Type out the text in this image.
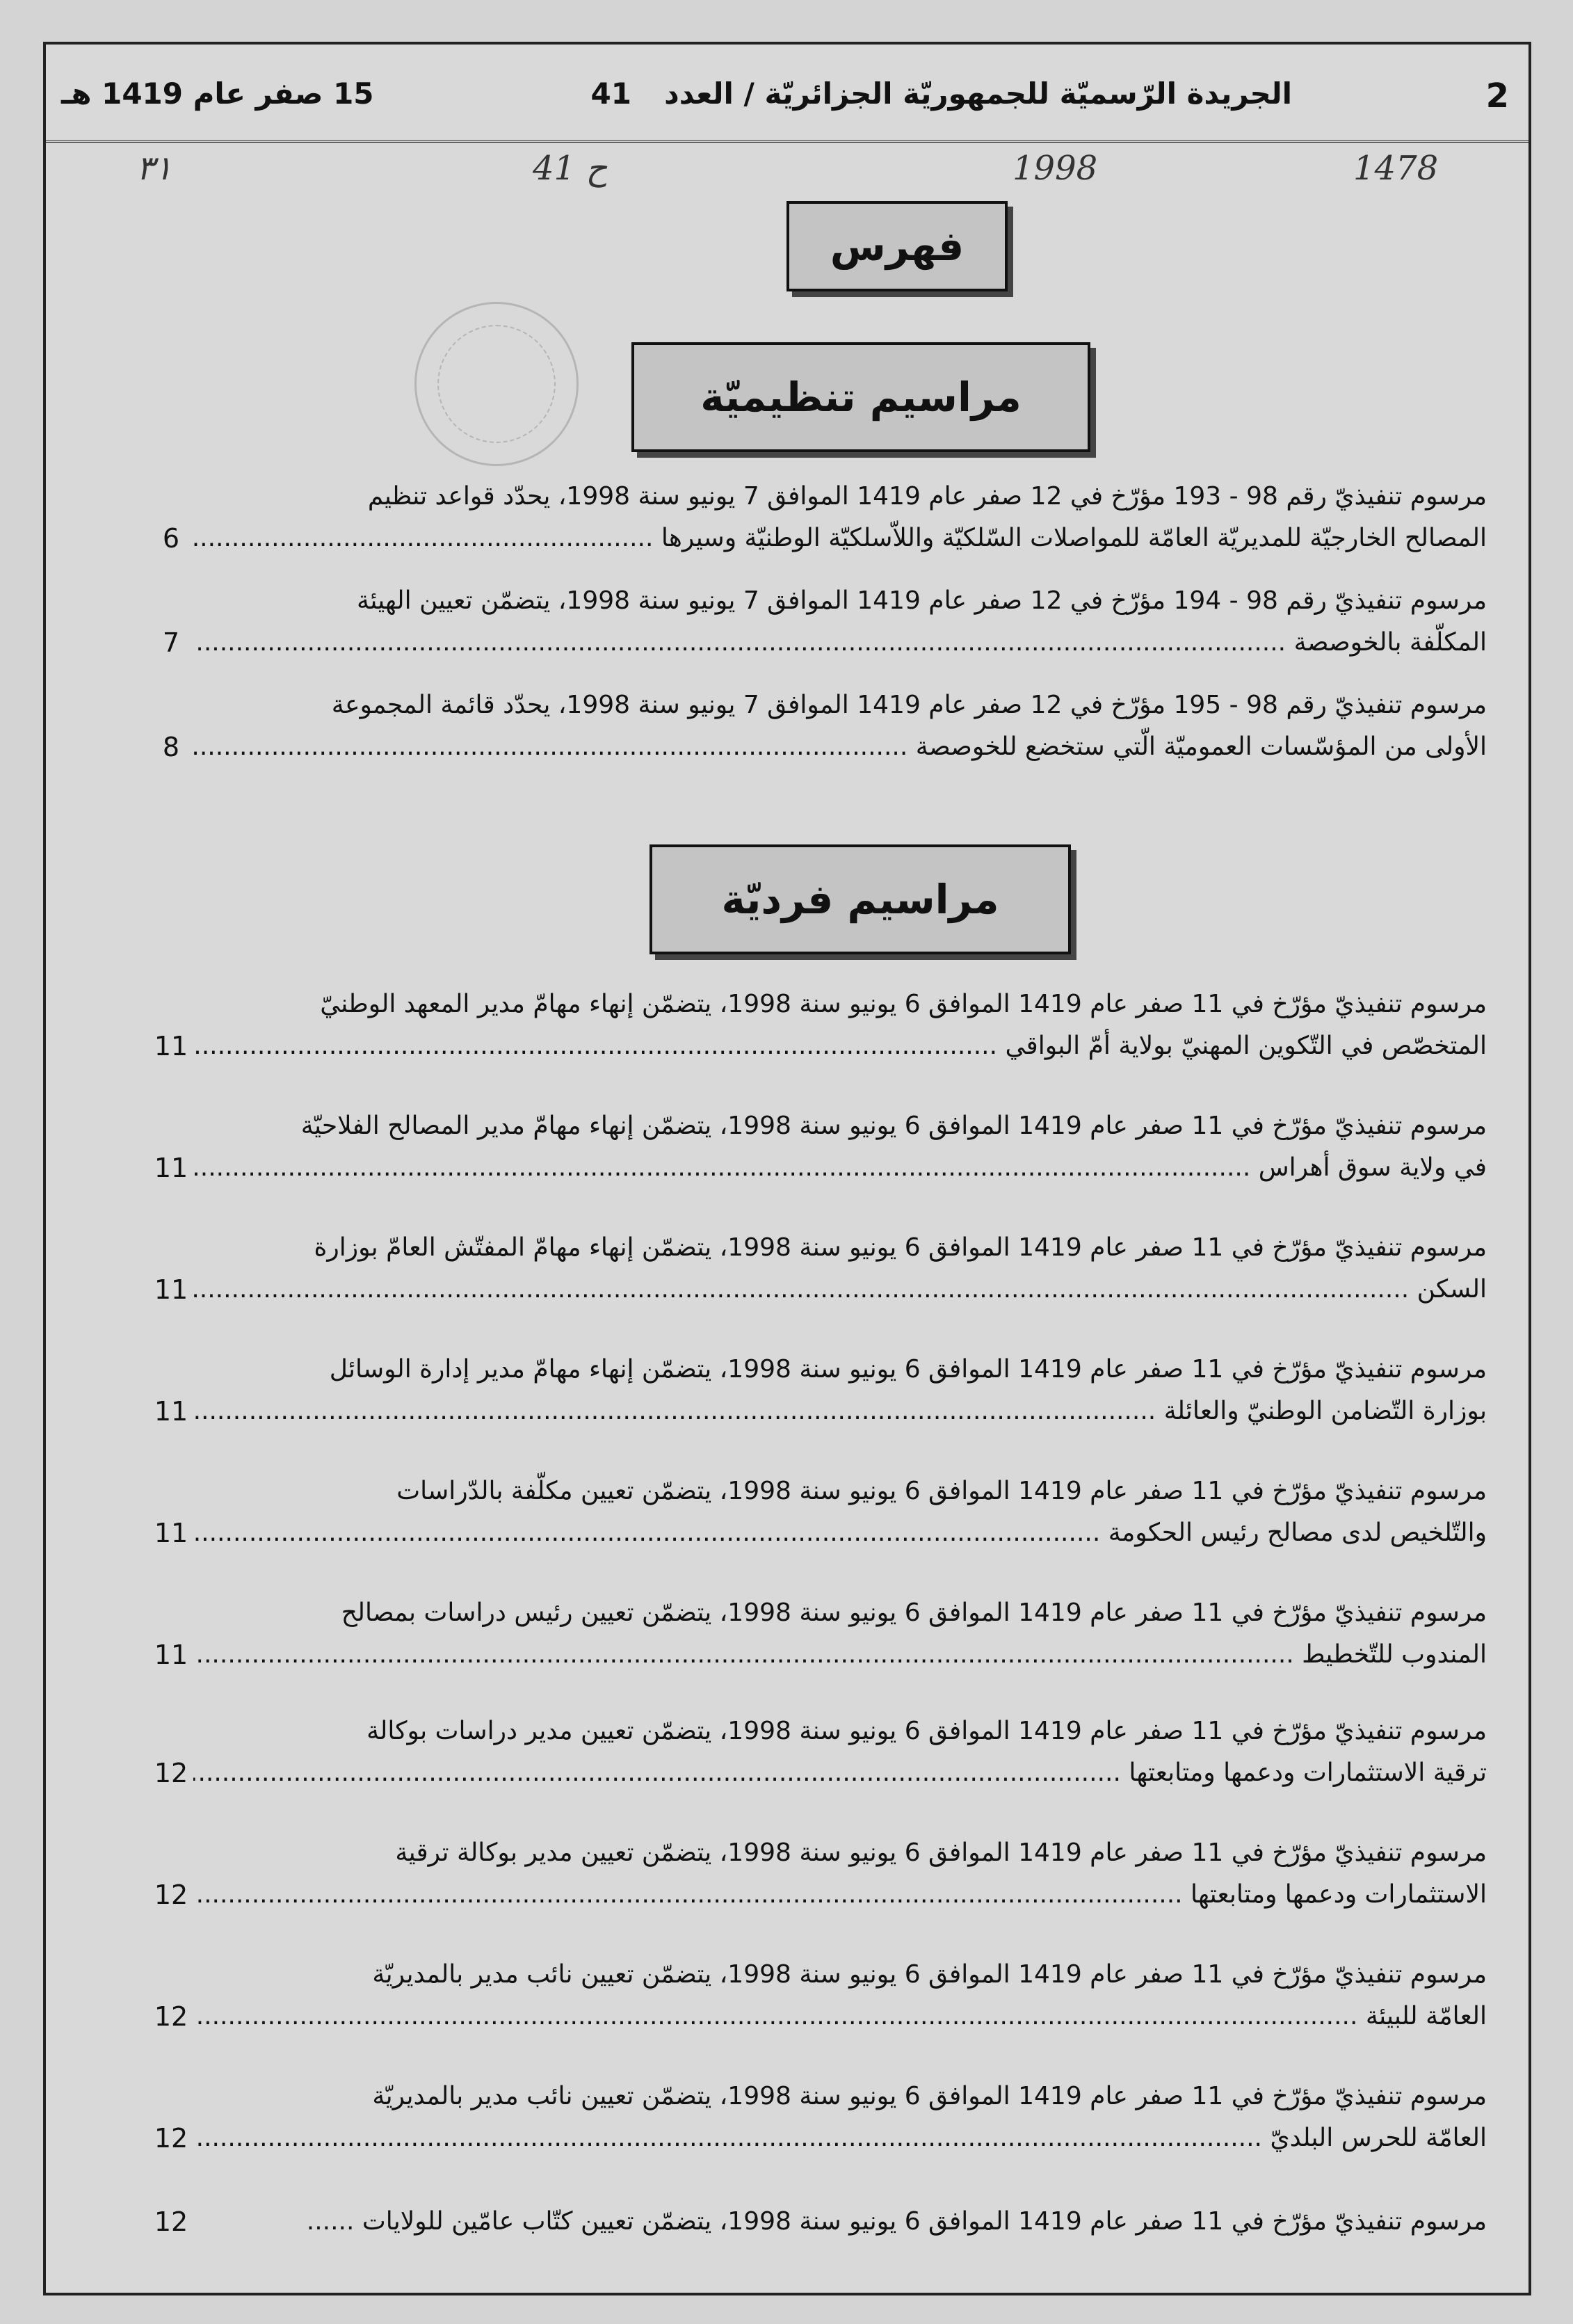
2
الجريدة الرّسميّة للجمهوريّة الجزائريّة / العدد
41
15 صفر عام 1419 هـ
٣١	ح 41	1998	1478
فهرس
مراسيم تنظيميّة
مراسيم فرديّة
مرسوم تنفيذيّ رقم 98 - 193 مؤرّخ في 12 صفر عام 1419 الموافق 7 يونيو سنة 1998، يحدّد قواعد تنظيم
المصالح الخارجيّة للمديريّة العامّة للمواصلات السّلكيّة واللاّسلكيّة الوطنيّة وسيرها .....
6
مرسوم تنفيذيّ رقم 98 - 194 مؤرّخ في 12 صفر عام 1419 الموافق 7 يونيو سنة 1998، يتضمّن تعيين الهيئة
المكلّفة بالخوصصة .....
7
مرسوم تنفيذيّ رقم 98 - 195 مؤرّخ في 12 صفر عام 1419 الموافق 7 يونيو سنة 1998، يحدّد قائمة المجموعة
الأولى من المؤسّسات العموميّة الّتي ستخضع للخوصصة .....
8
مرسوم تنفيذيّ مؤرّخ في 11 صفر عام 1419 الموافق 6 يونيو سنة 1998، يتضمّن إنهاء مهامّ مدير المعهد الوطنيّ
المتخصّص في التّكوين المهنيّ بولاية أمّ البواقي .....
11
مرسوم تنفيذيّ مؤرّخ في 11 صفر عام 1419 الموافق 6 يونيو سنة 1998، يتضمّن إنهاء مهامّ مدير المصالح الفلاحيّة
في ولاية سوق أهراس .....
11
مرسوم تنفيذيّ مؤرّخ في 11 صفر عام 1419 الموافق 6 يونيو سنة 1998، يتضمّن إنهاء مهامّ المفتّش العامّ بوزارة
السكن .....
11
مرسوم تنفيذيّ مؤرّخ في 11 صفر عام 1419 الموافق 6 يونيو سنة 1998، يتضمّن إنهاء مهامّ مدير إدارة الوسائل
بوزارة التّضامن الوطنيّ والعائلة .....
11
مرسوم تنفيذيّ مؤرّخ في 11 صفر عام 1419 الموافق 6 يونيو سنة 1998، يتضمّن تعيين مكلّفة بالدّراسات
والتّلخيص لدى مصالح رئيس الحكومة .....
11
مرسوم تنفيذيّ مؤرّخ في 11 صفر عام 1419 الموافق 6 يونيو سنة 1998، يتضمّن تعيين رئيس دراسات بمصالح
المندوب للتّخطيط .....
11
مرسوم تنفيذيّ مؤرّخ في 11 صفر عام 1419 الموافق 6 يونيو سنة 1998، يتضمّن تعيين مدير دراسات بوكالة
ترقية الاستثمارات ودعمها ومتابعتها .....
12
مرسوم تنفيذيّ مؤرّخ في 11 صفر عام 1419 الموافق 6 يونيو سنة 1998، يتضمّن تعيين مدير بوكالة ترقية
الاستثمارات ودعمها ومتابعتها .....
12
مرسوم تنفيذيّ مؤرّخ في 11 صفر عام 1419 الموافق 6 يونيو سنة 1998، يتضمّن تعيين نائب مدير بالمديريّة
العامّة للبيئة .....
12
مرسوم تنفيذيّ مؤرّخ في 11 صفر عام 1419 الموافق 6 يونيو سنة 1998، يتضمّن تعيين نائب مدير بالمديريّة
العامّة للحرس البلديّ .....
12
مرسوم تنفيذيّ مؤرّخ في 11 صفر عام 1419 الموافق 6 يونيو سنة 1998، يتضمّن تعيين كتّاب عامّين للولايات ......
12
